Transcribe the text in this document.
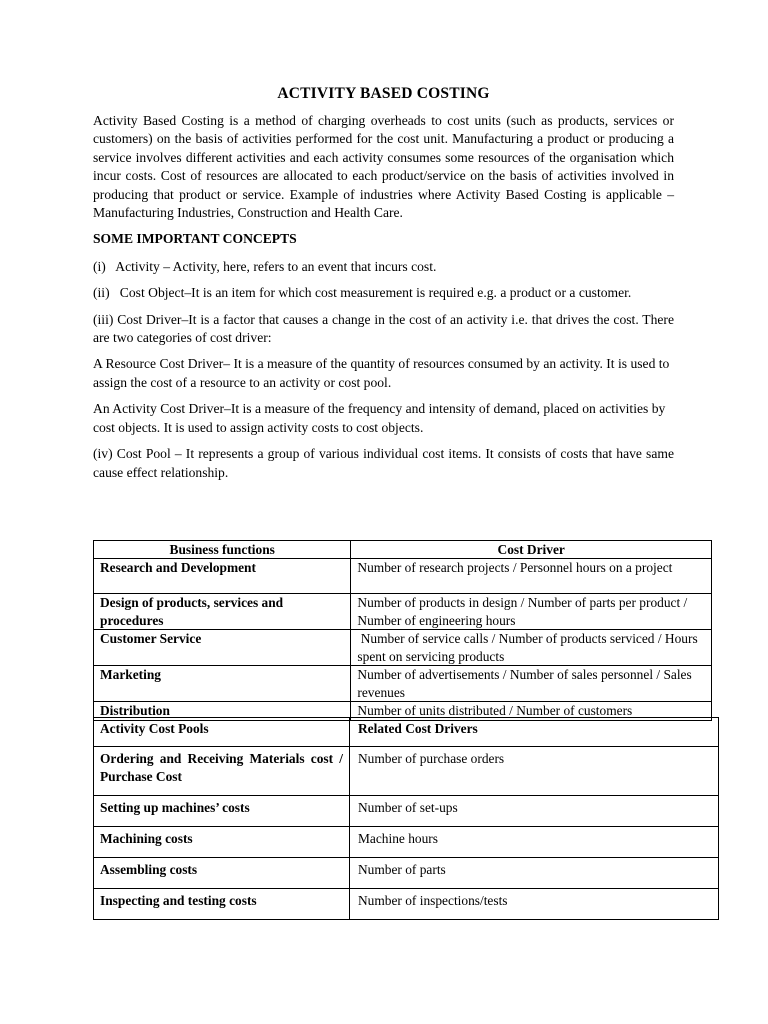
ACTIVITY BASED COSTING

Activity Based Costing is a method of charging overheads to cost units (such as products, services or customers) on the basis of activities performed for the cost unit. Manufacturing a product or producing a service involves different activities and each activity consumes some resources of the organisation which incur costs. Cost of resources are allocated to each product/service on the basis of activities involved in producing that product or service. Example of industries where Activity Based Costing is applicable – Manufacturing Industries, Construction and Health Care.

SOME IMPORTANT CONCEPTS

(i)   Activity – Activity, here, refers to an event that incurs cost.

(ii)   Cost Object–It is an item for which cost measurement is required e.g. a product or a customer.

(iii) Cost Driver–It is a factor that causes a change in the cost of an activity i.e. that drives the cost. There are two categories of cost driver:

A Resource Cost Driver– It is a measure of the quantity of resources consumed by an activity. It is used to assign the cost of a resource to an activity or cost pool.

An Activity Cost Driver–It is a measure of the frequency and intensity of demand, placed on activities by cost objects. It is used to assign activity costs to cost objects.

(iv) Cost Pool – It represents a group of various individual cost items. It consists of costs that have same cause effect relationship.

Business functions	Cost Driver
Research and Development	Number of research projects / Personnel hours on a project
Design of products, services and procedures	Number of products in design / Number of parts per product / Number of engineering hours
Customer Service	Number of service calls / Number of products serviced / Hours spent on servicing products
Marketing	Number of advertisements / Number of sales personnel / Sales revenues
Distribution	Number of units distributed / Number of customers
Activity Cost Pools	Related Cost Drivers
Ordering and Receiving Materials cost / Purchase Cost	Number of purchase orders
Setting up machines’ costs	Number of set-ups
Machining costs	Machine hours
Assembling costs	Number of parts
Inspecting and testing costs	Number of inspections/tests
